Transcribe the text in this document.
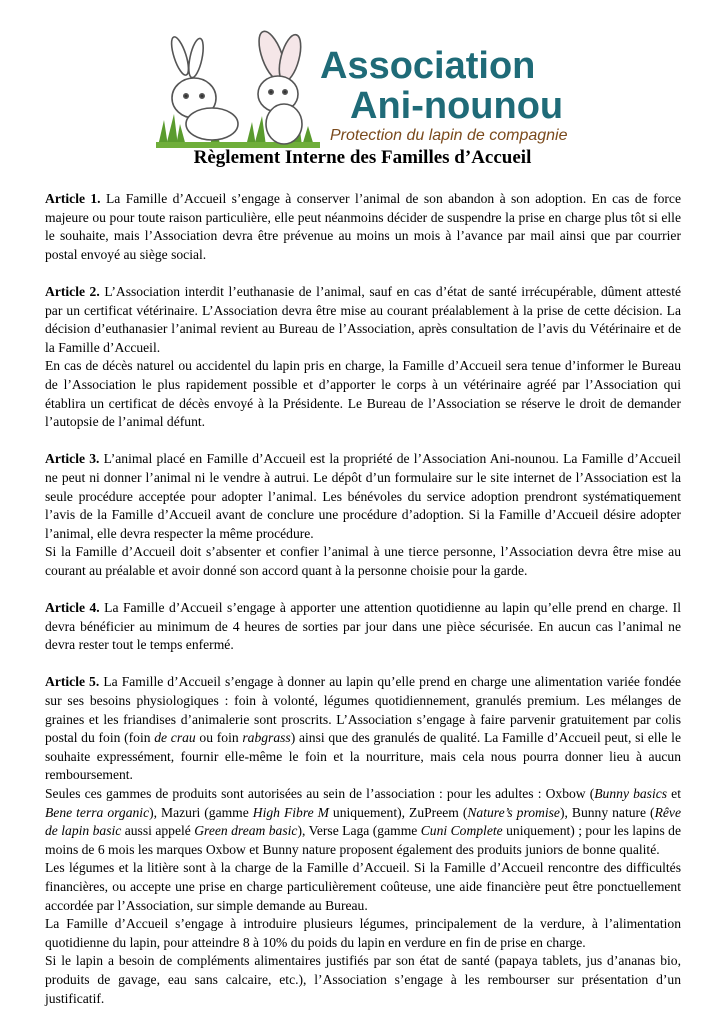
Association
Ani-nounou
Protection du lapin de compagnie
Règlement Interne des Familles d’Accueil

Article 1. La Famille d’Accueil s’engage à conserver l’animal de son abandon à son adoption. En cas de force majeure ou pour toute raison particulière, elle peut néanmoins décider de suspendre la prise en charge plus tôt si elle le souhaite, mais l’Association devra être prévenue au moins un mois à l’avance par mail ainsi que par courrier postal envoyé au siège social.

Article 2. L’Association interdit l’euthanasie de l’animal, sauf en cas d’état de santé irrécupérable, dûment attesté par un certificat vétérinaire. L’Association devra être mise au courant préalablement à la prise de cette décision. La décision d’euthanasier l’animal revient au Bureau de l’Association, après consultation de l’avis du Vétérinaire et de la Famille d’Accueil.

En cas de décès naturel ou accidentel du lapin pris en charge, la Famille d’Accueil sera tenue d’informer le Bureau de l’Association le plus rapidement possible et d’apporter le corps à un vétérinaire agréé par l’Association qui établira un certificat de décès envoyé à la Présidente. Le Bureau de l’Association se réserve le droit de demander l’autopsie de l’animal défunt.

Article 3. L’animal placé en Famille d’Accueil est la propriété de l’Association Ani-nounou. La Famille d’Accueil ne peut ni donner l’animal ni le vendre à autrui. Le dépôt d’un formulaire sur le site internet de l’Association est la seule procédure acceptée pour adopter l’animal. Les bénévoles du service adoption prendront systématiquement l’avis de la Famille d’Accueil avant de conclure une procédure d’adoption. Si la Famille d’Accueil désire adopter l’animal, elle devra respecter la même procédure.

Si la Famille d’Accueil doit s’absenter et confier l’animal à une tierce personne, l’Association devra être mise au courant au préalable et avoir donné son accord quant à la personne choisie pour la garde.

Article 4. La Famille d’Accueil s’engage à apporter une attention quotidienne au lapin qu’elle prend en charge. Il devra bénéficier au minimum de 4 heures de sorties par jour dans une pièce sécurisée. En aucun cas l’animal ne devra rester tout le temps enfermé.

Article 5. La Famille d’Accueil s’engage à donner au lapin qu’elle prend en charge une alimentation variée fondée sur ses besoins physiologiques : foin à volonté, légumes quotidiennement, granulés premium. Les mélanges de graines et les friandises d’animalerie sont proscrits. L’Association s’engage à faire parvenir gratuitement par colis postal du foin (foin de crau ou foin rabgrass) ainsi que des granulés de qualité. La Famille d’Accueil peut, si elle le souhaite expressément, fournir elle-même le foin et la nourriture, mais cela nous pourra donner lieu à aucun remboursement.

Seules ces gammes de produits sont autorisées au sein de l’association : pour les adultes : Oxbow (Bunny basics et Bene terra organic), Mazuri (gamme High Fibre M uniquement), ZuPreem (Nature’s promise), Bunny nature (Rêve de lapin basic aussi appelé Green dream basic), Verse Laga (gamme Cuni Complete uniquement) ; pour les lapins de moins de 6 mois les marques Oxbow et Bunny nature proposent également des produits juniors de bonne qualité.

Les légumes et la litière sont à la charge de la Famille d’Accueil. Si la Famille d’Accueil rencontre des difficultés financières, ou accepte une prise en charge particulièrement coûteuse, une aide financière peut être ponctuellement accordée par l’Association, sur simple demande au Bureau.

La Famille d’Accueil s’engage à introduire plusieurs légumes, principalement de la verdure, à l’alimentation quotidienne du lapin, pour atteindre 8 à 10% du poids du lapin en verdure en fin de prise en charge.

Si le lapin a besoin de compléments alimentaires justifiés par son état de santé (papaya tablets, jus d’ananas bio, produits de gavage, eau sans calcaire, etc.), l’Association s’engage à les rembourser sur présentation d’un justificatif.
